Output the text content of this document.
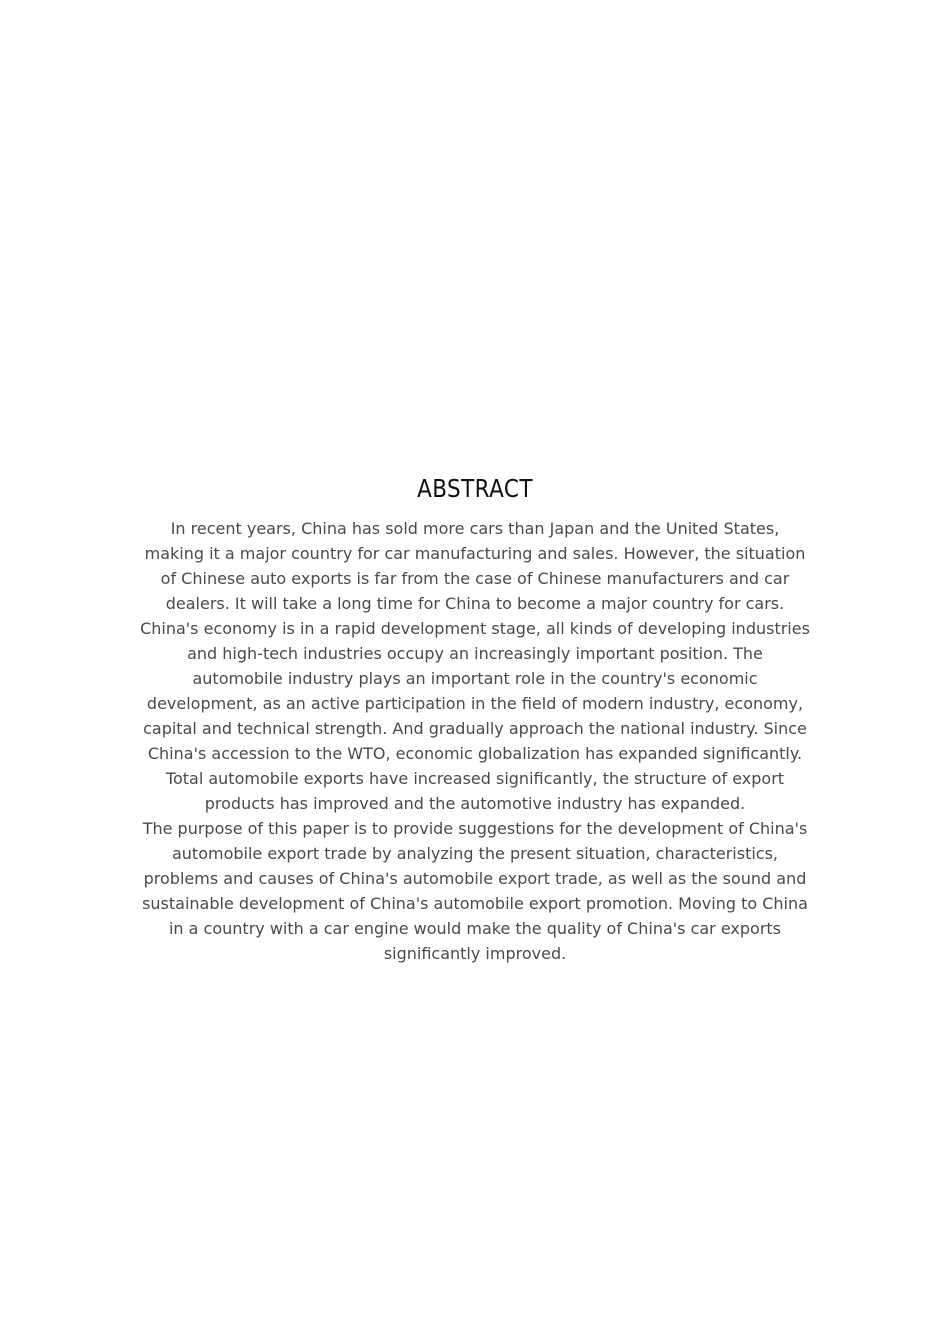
ABSTRACT

In recent years, China has sold more cars than Japan and the United States, making it a major country for car manufacturing and sales. However, the situation of Chinese auto exports is far from the case of Chinese manufacturers and car dealers. It will take a long time for China to become a major country for cars. China's economy is in a rapid development stage, all kinds of developing industries and high-tech industries occupy an increasingly important position. The automobile industry plays an important role in the country's economic development, as an active participation in the field of modern industry, economy, capital and technical strength. And gradually approach the national industry. Since China's accession to the WTO, economic globalization has expanded significantly. Total automobile exports have increased significantly, the structure of export products has improved and the automotive industry has expanded.

The purpose of this paper is to provide suggestions for the development of China's automobile export trade by analyzing the present situation, characteristics, problems and causes of China's automobile export trade, as well as the sound and sustainable development of China's automobile export promotion. Moving to China in a country with a car engine would make the quality of China's car exports significantly improved.
